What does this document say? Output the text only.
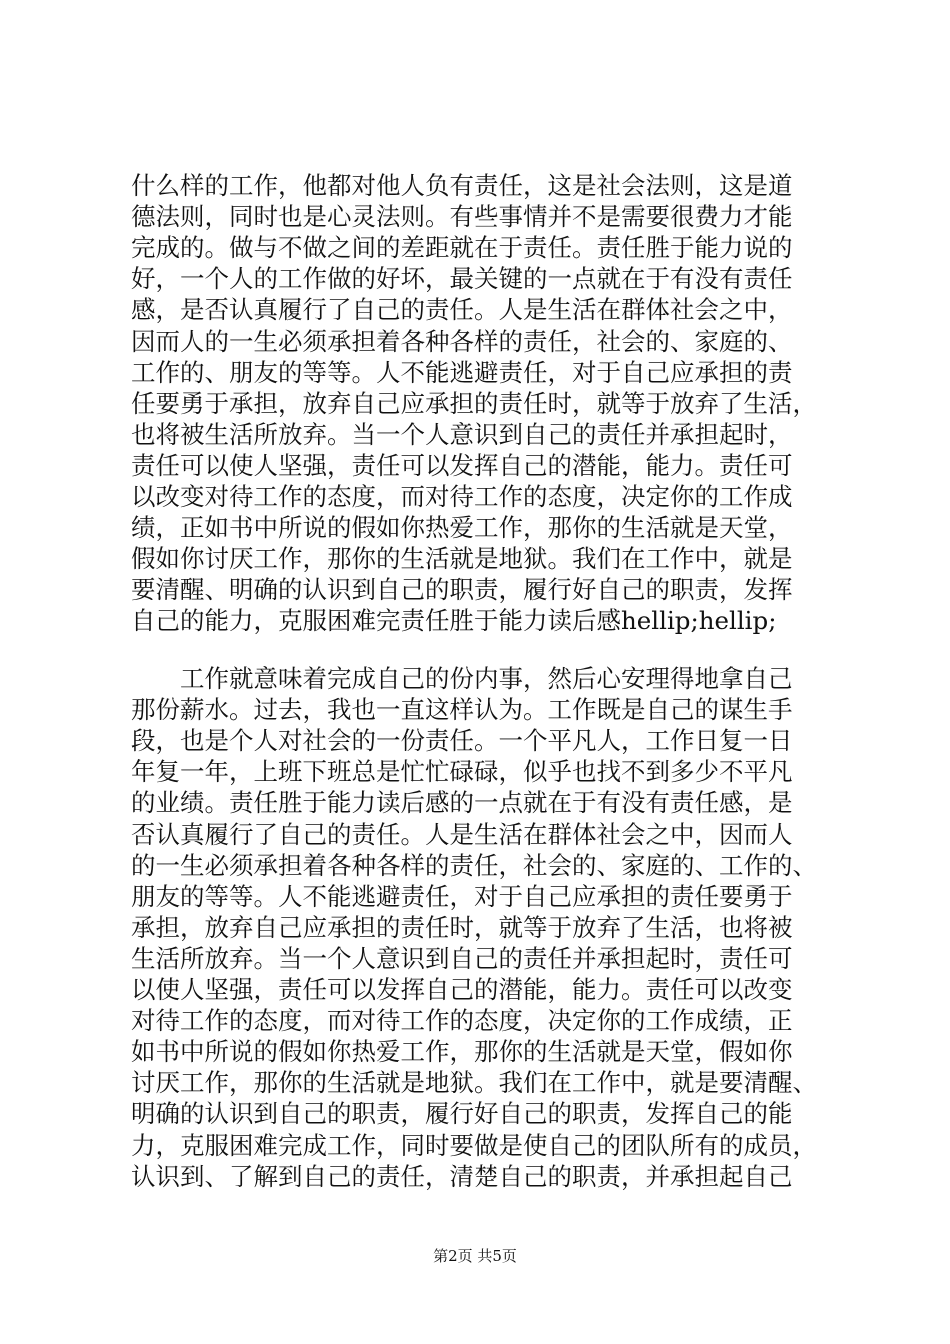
什么样的工作，他都对他人负有责任，这是社会法则，这是道
德法则，同时也是心灵法则。有些事情并不是需要很费力才能
完成的。做与不做之间的差距就在于责任。责任胜于能力说的
好，一个人的工作做的好坏，最关键的一点就在于有没有责任
感，是否认真履行了自己的责任。人是生活在群体社会之中，
因而人的一生必须承担着各种各样的责任，社会的、家庭的、
工作的、朋友的等等。人不能逃避责任，对于自己应承担的责
任要勇于承担，放弃自己应承担的责任时，就等于放弃了生活，
也将被生活所放弃。当一个人意识到自己的责任并承担起时，
责任可以使人坚强，责任可以发挥自己的潜能，能力。责任可
以改变对待工作的态度，而对待工作的态度，决定你的工作成
绩，正如书中所说的假如你热爱工作，那你的生活就是天堂，
假如你讨厌工作，那你的生活就是地狱。我们在工作中，就是
要清醒、明确的认识到自己的职责，履行好自己的职责，发挥
自己的能力，克服困难完责任胜于能力读后感hellip;hellip;
　　工作就意味着完成自己的份内事，然后心安理得地拿自己
那份薪水。过去，我也一直这样认为。工作既是自己的谋生手
段，也是个人对社会的一份责任。一个平凡人，工作日复一日
年复一年，上班下班总是忙忙碌碌，似乎也找不到多少不平凡
的业绩。责任胜于能力读后感的一点就在于有没有责任感，是
否认真履行了自己的责任。人是生活在群体社会之中，因而人
的一生必须承担着各种各样的责任，社会的、家庭的、工作的、
朋友的等等。人不能逃避责任，对于自己应承担的责任要勇于
承担，放弃自己应承担的责任时，就等于放弃了生活，也将被
生活所放弃。当一个人意识到自己的责任并承担起时，责任可
以使人坚强，责任可以发挥自己的潜能，能力。责任可以改变
对待工作的态度，而对待工作的态度，决定你的工作成绩，正
如书中所说的假如你热爱工作，那你的生活就是天堂，假如你
讨厌工作，那你的生活就是地狱。我们在工作中，就是要清醒、
明确的认识到自己的职责，履行好自己的职责，发挥自己的能
力，克服困难完成工作，同时要做是使自己的团队所有的成员，
认识到、了解到自己的责任，清楚自己的职责，并承担起自己
第2页 共5页
